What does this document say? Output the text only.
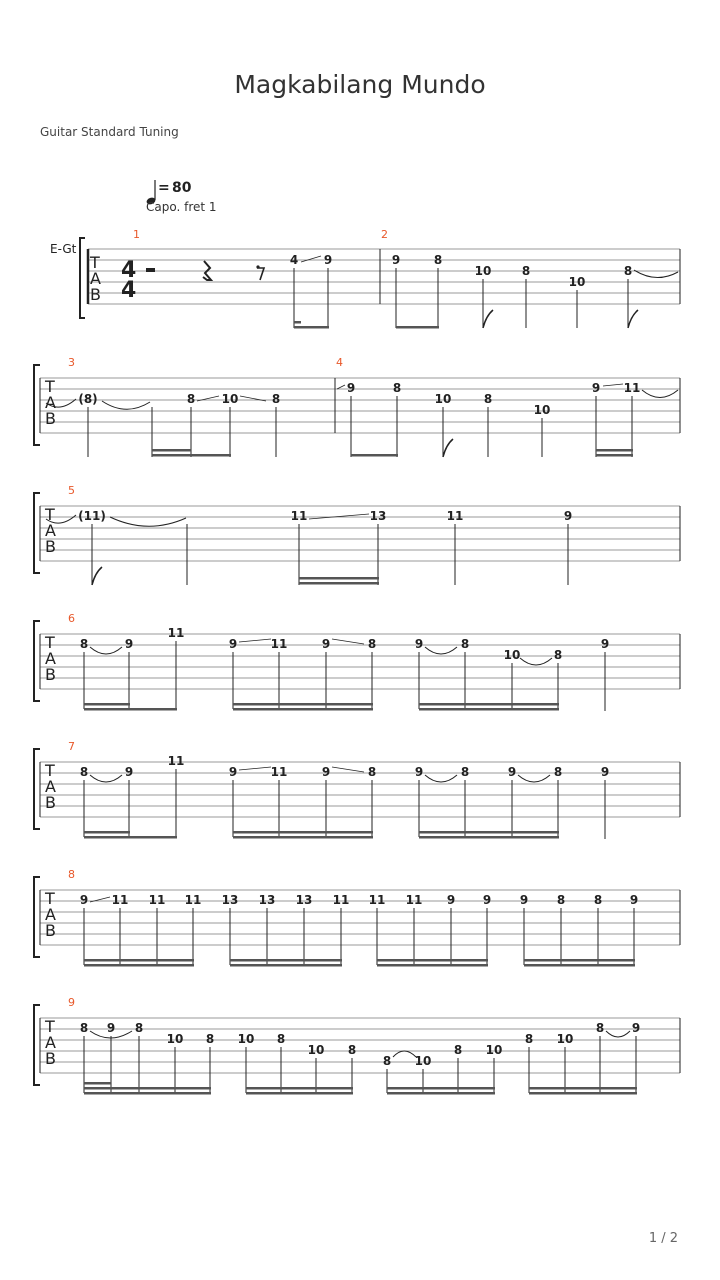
Magkabilang Mundo
Guitar Standard Tuning
= 80
Capo. fret 1
E-Gt
1	2
T
A
B
4
4
4 9	9	8
10	8
10
8
3	4
T
A
B
(8)	8 10	8
9	8
10	8
10
9 11
5
T
A
B
(11)	11	13	11	9
6
T
A
B
8	9
11
9	11	9	8	9	8
10	8
9
7
T
A
B
8	9
11
9	11	9	8	9	8	9	8	9
8
T
A
B
9 11 11 11 13 13 13 11 11 11 9 9 9 8 8 9
9
T
A
B
8 9 8
10 8 10 8
10 8
8 10
8 10
8 10
8 9
1 / 2
